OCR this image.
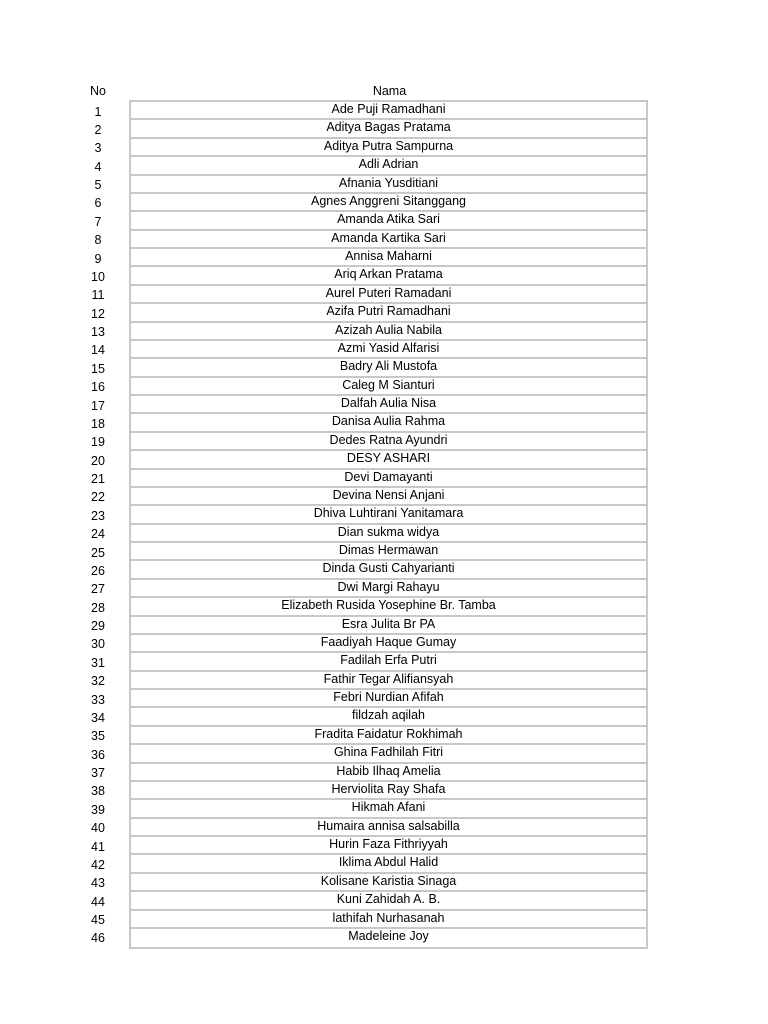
No	Nama
1
2
3
4
5
6
7
8
9
10
11
12
13
14
15
16
17
18
19
20
21
22
23
24
25
26
27
28
29
30
31
32
33
34
35
36
37
38
39
40
41
42
43
44
45
46
Ade Puji Ramadhani
Aditya Bagas Pratama
Aditya Putra Sampurna
Adli Adrian
Afnania Yusditiani
Agnes Anggreni Sitanggang
Amanda Atika Sari
Amanda Kartika Sari
Annisa Maharni
Ariq Arkan Pratama
Aurel Puteri Ramadani
Azifa Putri Ramadhani
Azizah Aulia Nabila
Azmi Yasid Alfarisi
Badry Ali Mustofa
Caleg M Sianturi
Dalfah Aulia Nisa
Danisa Aulia Rahma
Dedes Ratna Ayundri
DESY ASHARI
Devi Damayanti
Devina Nensi Anjani
Dhiva Luhtirani Yanitamara
Dian sukma widya
Dimas Hermawan
Dinda Gusti Cahyarianti
Dwi Margi Rahayu
Elizabeth Rusida Yosephine Br. Tamba
Esra Julita Br PA
Faadiyah Haque Gumay
Fadilah Erfa Putri
Fathir Tegar Alifiansyah
Febri Nurdian Afifah
fildzah aqilah
Fradita Faidatur Rokhimah
Ghina Fadhilah Fitri
Habib Ilhaq Amelia
Herviolita Ray Shafa
Hikmah Afani
Humaira annisa salsabilla
Hurin Faza Fithriyyah
Iklima Abdul Halid
Kolisane Karistia Sinaga
Kuni Zahidah A. B.
lathifah Nurhasanah
Madeleine Joy
